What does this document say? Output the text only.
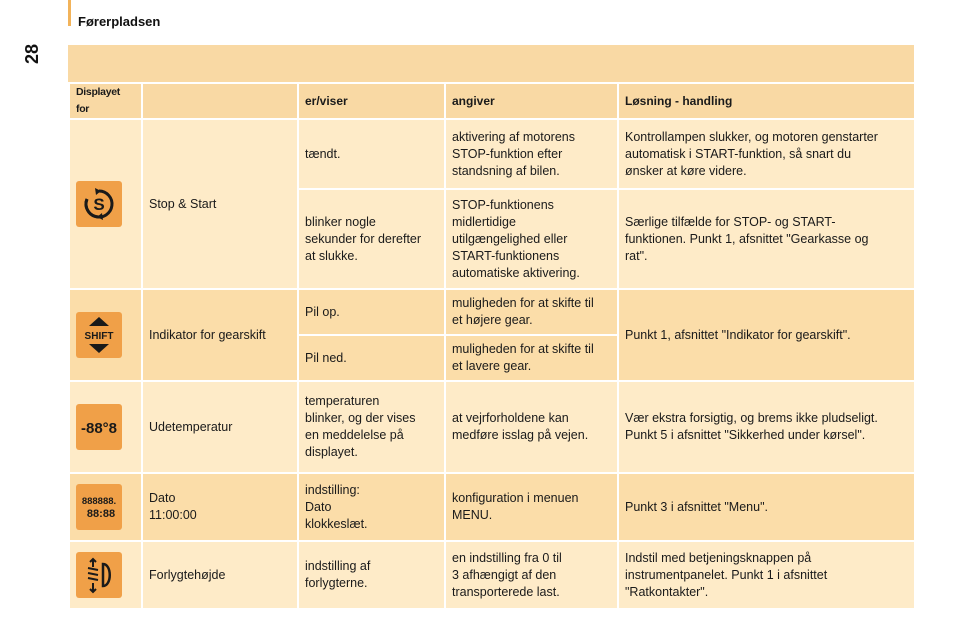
Førerpladsen
28
Displayet for		er/viser	angiver	Løsning - handling

S	Stop & Start	tændt.	aktivering af motorens
STOP-funktion efter
standsning af bilen.	Kontrollampen slukker, og motoren genstarter
automatisk i START-funktion, så snart du
ønsker at køre videre.
		blinker nogle
sekunder for derefter
at slukke.	STOP-funktionens
midlertidige
utilgængelighed eller
START-funktionens
automatiske aktivering.	Særlige tilfælde for STOP- og START-
funktionen. Punkt 1, afsnittet "Gearkasse og
rat".

SHIFT	Indikator for gearskift	Pil op.	muligheden for at skifte til
et højere gear.	Punkt 1, afsnittet "Indikator for gearskift".
		Pil ned.	muligheden for at skifte til
et lavere gear.	

-88°8	Udetemperatur	temperaturen
blinker, og der vises
en meddelelse på
displayet.	at vejrforholdene kan
medføre isslag på vejen.	Vær ekstra forsigtig, og brems ikke pludseligt.
Punkt 5 i afsnittet "Sikkerhed under kørsel".

888888.
88:88	Dato
11:00:00	indstilling:
Dato
klokkeslæt.	konfiguration i menuen
MENU.	Punkt 3 i afsnittet "Menu".

	Forlygtehøjde	indstilling af
forlygterne.	en indstilling fra 0 til
3 afhængigt af den
transporterede last.	Indstil med betjeningsknappen på
instrumentpanelet. Punkt 1 i afsnittet
"Ratkontakter".
